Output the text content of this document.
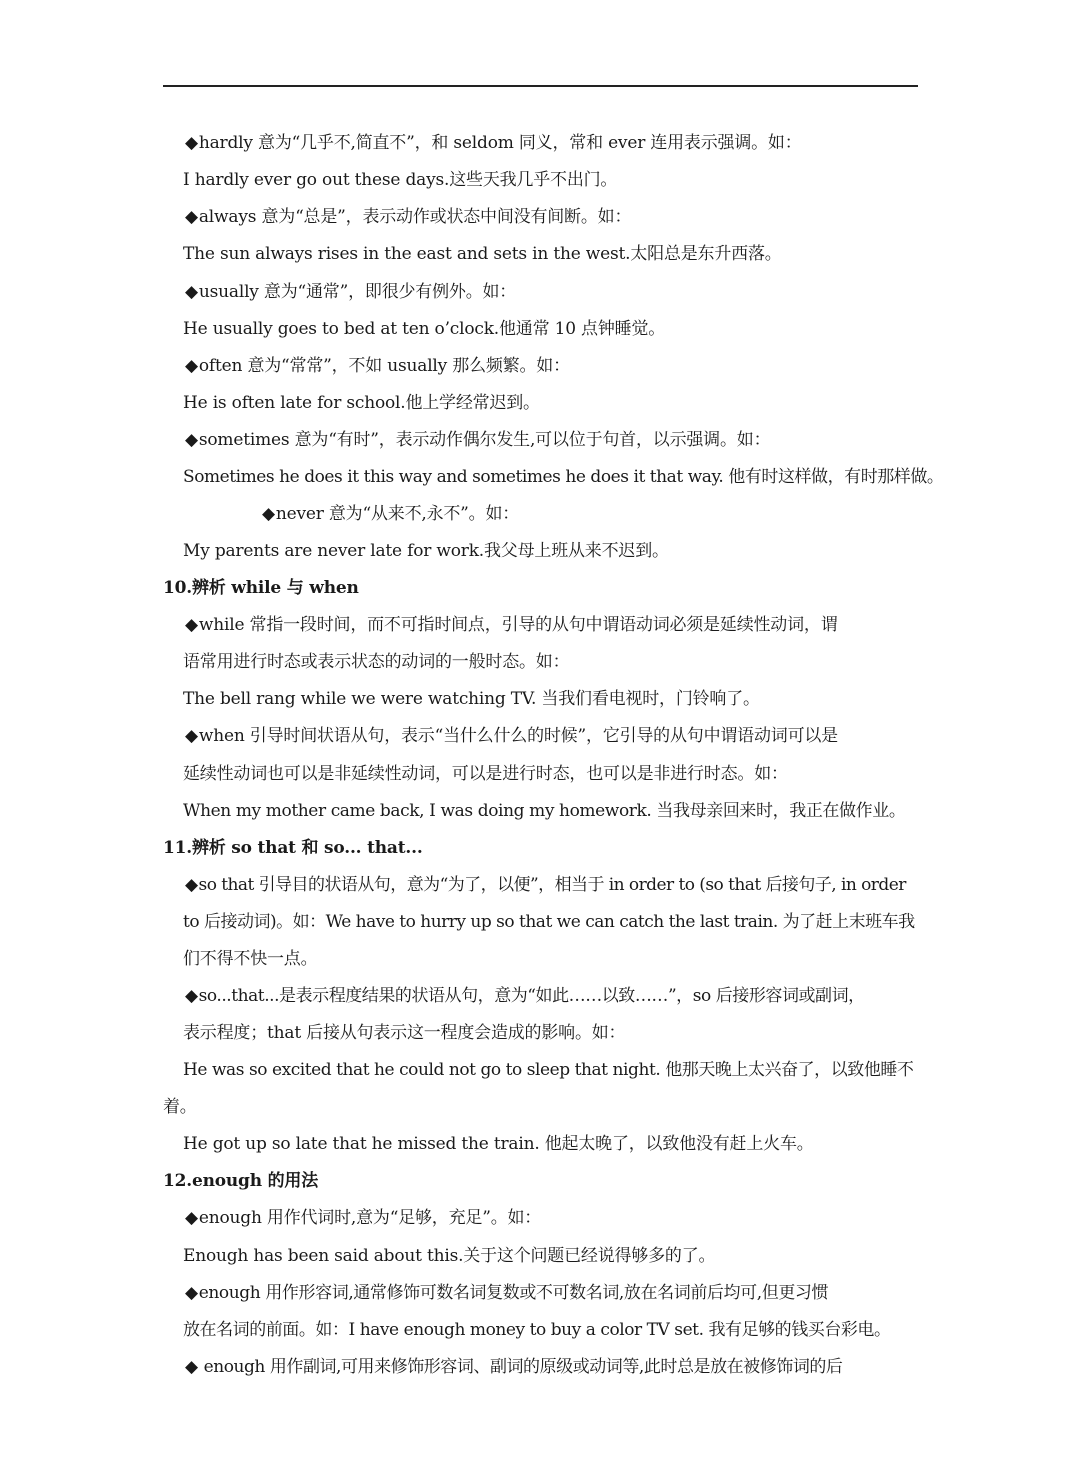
◆hardly 意为“几乎不,简直不”，和 seldom 同义，常和 ever 连用表示强调。如：
I hardly ever go out these days.这些天我几乎不出门。
◆always 意为“总是”，表示动作或状态中间没有间断。如：
The sun always rises in the east and sets in the west.太阳总是东升西落。
◆usually 意为“通常”，即很少有例外。如：
He usually goes to bed at ten o’clock.他通常 10 点钟睡觉。
◆often 意为“常常”，不如 usually 那么频繁。如：
He is often late for school.他上学经常迟到。
◆sometimes 意为“有时”，表示动作偶尔发生,可以位于句首，以示强调。如：
Sometimes he does it this way and sometimes he does it that way. 他有时这样做，有时那样做。
◆never 意为“从来不,永不”。如：
My parents are never late for work.我父母上班从来不迟到。
10.辨析 while 与 when
◆while 常指一段时间，而不可指时间点，引导的从句中谓语动词必须是延续性动词，谓
语常用进行时态或表示状态的动词的一般时态。如：
The bell rang while we were watching TV. 当我们看电视时，门铃响了。
◆when 引导时间状语从句，表示“当什么什么的时候”，它引导的从句中谓语动词可以是
延续性动词也可以是非延续性动词，可以是进行时态，也可以是非进行时态。如：
When my mother came back, I was doing my homework. 当我母亲回来时，我正在做作业。
11.辨析 so that 和 so... that...
◆so that 引导目的状语从句，意为“为了，以便”，相当于 in order to (so that 后接句子, in order
to 后接动词)。如：We have to hurry up so that we can catch the last train. 为了赶上末班车我
们不得不快一点。
◆so...that...是表示程度结果的状语从句，意为“如此……以致……”，so 后接形容词或副词，
表示程度；that 后接从句表示这一程度会造成的影响。如：
He was so excited that he could not go to sleep that night. 他那天晚上太兴奋了，以致他睡不
着。
He got up so late that he missed the train. 他起太晚了，以致他没有赶上火车。
12.enough 的用法
◆enough 用作代词时,意为“足够，充足”。如：
Enough has been said about this.关于这个问题已经说得够多的了。
◆enough 用作形容词,通常修饰可数名词复数或不可数名词,放在名词前后均可,但更习惯
放在名词的前面。如：I have enough money to buy a color TV set. 我有足够的钱买台彩电。
◆ enough 用作副词,可用来修饰形容词、副词的原级或动词等,此时总是放在被修饰词的后
